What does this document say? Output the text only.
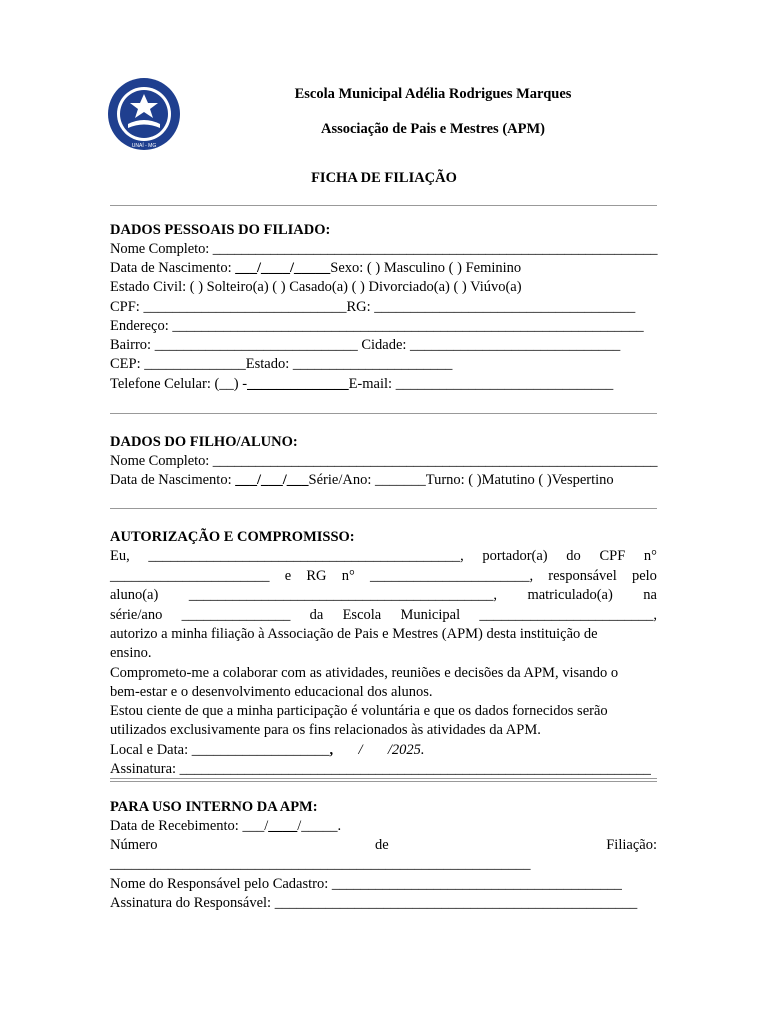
UNAÍ - MG
Escola Municipal Adélia Rodrigues Marques
Associação de Pais e Mestres (APM)
FICHA DE FILIAÇÃO
DADOS PESSOAIS DO FILIADO:
Nome Completo: ______________________________________________________________
Data de Nascimento: ___/____/_____Sexo: ( ) Masculino ( ) Feminino
Estado Civil: ( ) Solteiro(a) ( ) Casado(a) ( ) Divorciado(a) ( ) Viúvo(a)
CPF: ____________________________RG: ____________________________________
Endereço: _________________________________________________________________
Bairro: ____________________________ Cidade: _____________________________
CEP: ______________Estado: ______________________
Telefone Celular: (__) -______________E-mail: ______________________________
DADOS DO FILHO/ALUNO:
Nome Completo: ______________________________________________________________
Data de Nascimento: ___/___/___Série/Ano: _______Turno: ( )Matutino ( )Vespertino
AUTORIZAÇÃO E COMPROMISSO:
Eu, ___________________________________________, portador(a) do CPF n°
______________________ e RG n° ______________________, responsável pelo
aluno(a) __________________________________________, matriculado(a) na
série/ano _______________ da Escola Municipal ________________________,
autorizo a minha filiação à Associação de Pais e Mestres (APM) desta instituição de
ensino.
Comprometo-me a colaborar com as atividades, reuniões e decisões da APM, visando o
bem-estar e o desenvolvimento educacional dos alunos.
Estou ciente de que a minha participação é voluntária e que os dados fornecidos serão
utilizados exclusivamente para os fins relacionados às atividades da APM.
Local e Data: ___________________,       /       /2025.
Assinatura: _________________________________________________________________
PARA USO INTERNO DA APM:
Data de Recebimento: ___/____/_____.
Número	de	Filiação:
__________________________________________________________
Nome do Responsável pelo Cadastro: ________________________________________
Assinatura do Responsável: __________________________________________________
